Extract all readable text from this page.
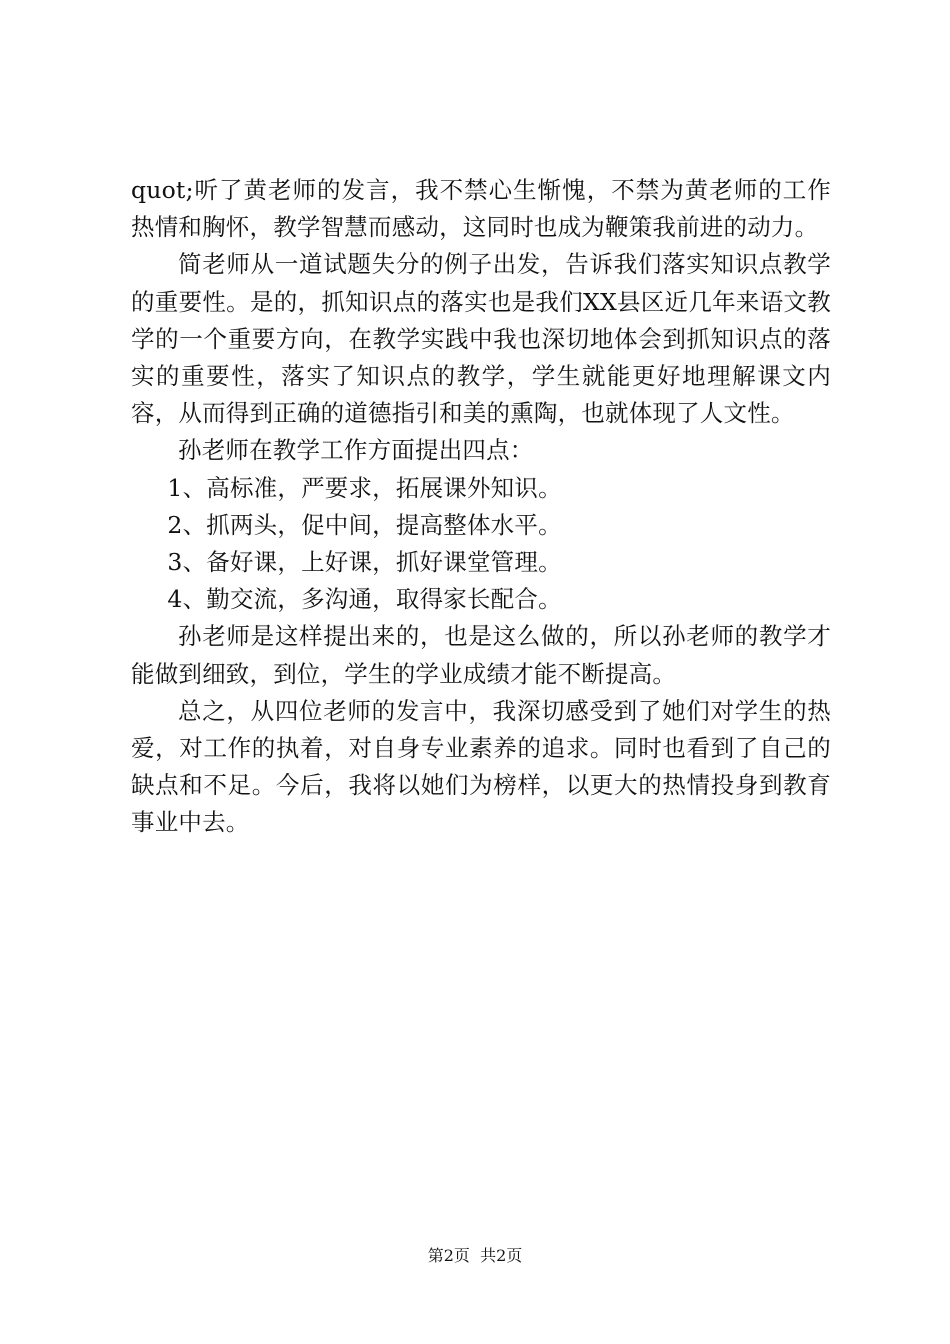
quot;听了黄老师的发言，我不禁心生惭愧，不禁为黄老师的工作热情和胸怀，教学智慧而感动，这同时也成为鞭策我前进的动力。

简老师从一道试题失分的例子出发，告诉我们落实知识点教学的重要性。是的，抓知识点的落实也是我们XX县区近几年来语文教学的一个重要方向，在教学实践中我也深切地体会到抓知识点的落实的重要性，落实了知识点的教学，学生就能更好地理解课文内容，从而得到正确的道德指引和美的熏陶，也就体现了人文性。

孙老师在教学工作方面提出四点：

1、高标准，严要求，拓展课外知识。

2、抓两头，促中间，提高整体水平。

3、备好课，上好课，抓好课堂管理。

4、勤交流，多沟通，取得家长配合。

孙老师是这样提出来的，也是这么做的，所以孙老师的教学才能做到细致，到位，学生的学业成绩才能不断提高。

总之，从四位老师的发言中，我深切感受到了她们对学生的热爱，对工作的执着，对自身专业素养的追求。同时也看到了自己的缺点和不足。今后，我将以她们为榜样，以更大的热情投身到教育事业中去。

第2页  共2页
